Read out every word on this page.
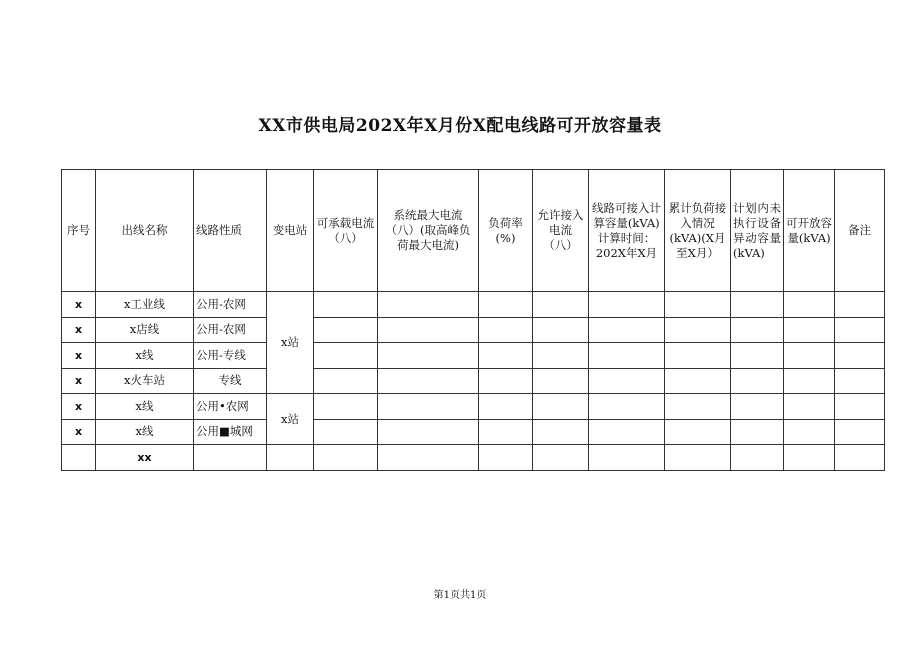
XX市供电局202X年X月份X配电线路可开放容量表
序号	出线名称	线路性质	变电站	可承载电流（八）	系统最大电流（八）(取高峰负荷最大电流)	负荷率(%)	允许接入电流（八）	线路可接入计算容量(kVA)计算时间：202X年X月	累计负荷接入情况(kVA)(X月至X月）	计划内未执行设备异动容量(kVA)	可开放容量(kVA)	备注
x	x工业线	公用-农网	x站									
x	x店线	公用-农网										
x	x线	公用-专线										
x	x火车站	专线										
x	x线	公用•农网	x站									
x	x线	公用■城网										
	xx											
第1页共1页
